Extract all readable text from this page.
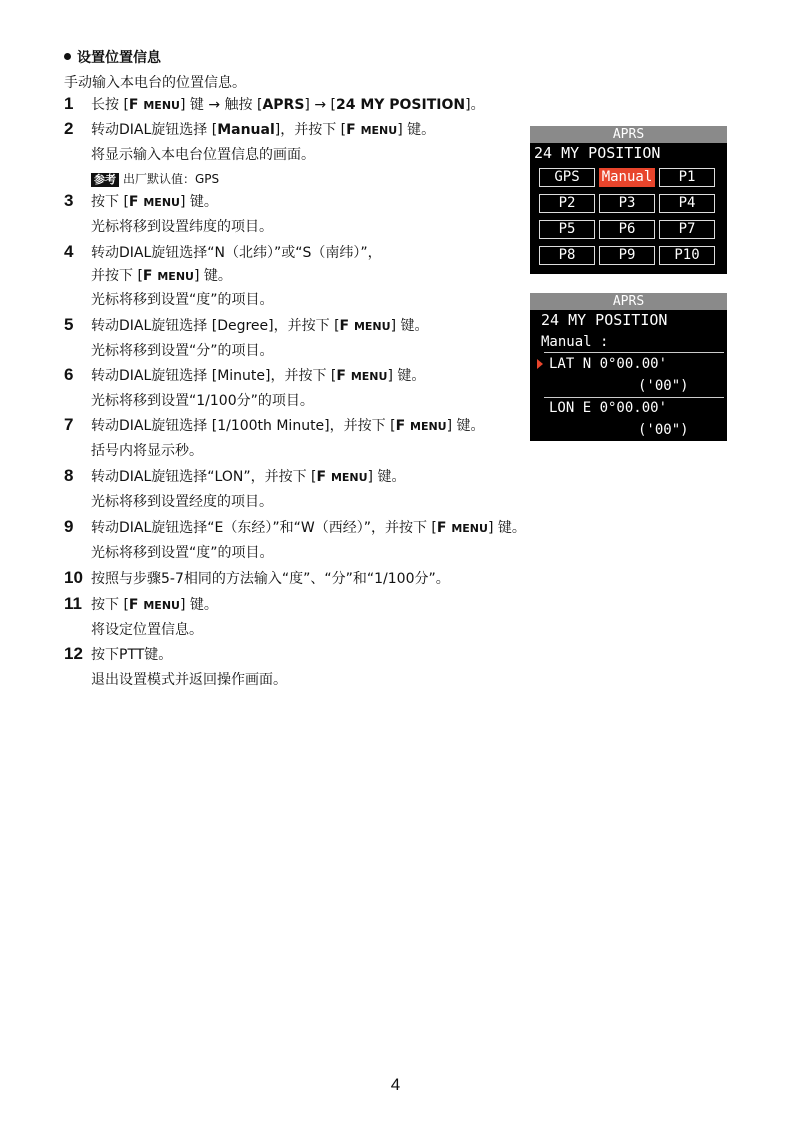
设置位置信息
手动输入本电台的位置信息。
1 长按 [F MENU] 键 → 触按 [APRS] → [24 MY POSITION]。
2 转动DIAL旋钮选择 [Manual]，并按下 [F MENU] 键。
将显示输入本电台位置信息的画面。
参考 出厂默认值：GPS
3 按下 [F MENU] 键。
光标将移到设置纬度的项目。
4 转动DIAL旋钮选择“N（北纬）”或“S（南纬）”，
并按下 [F MENU] 键。
光标将移到设置“度”的项目。
5 转动DIAL旋钮选择 [Degree]，并按下 [F MENU] 键。
光标将移到设置“分”的项目。
6 转动DIAL旋钮选择 [Minute]，并按下 [F MENU] 键。
光标将移到设置“1/100分”的项目。
7 转动DIAL旋钮选择 [1/100th Minute]，并按下 [F MENU] 键。
括号内将显示秒。
8 转动DIAL旋钮选择“LON”，并按下 [F MENU] 键。
光标将移到设置经度的项目。
9 转动DIAL旋钮选择“E（东经）”和“W（西经）”，并按下 [F MENU] 键。
光标将移到设置“度”的项目。
10 按照与步骤5-7相同的方法输入“度”、“分”和“1/100分”。
11 按下 [F MENU] 键。
将设定位置信息。
12 按下PTT键。
退出设置模式并返回操作画面。
APRS
24 MY POSITION
GPS	Manual	P1
P2	P3	P4
P5	P6	P7
P8	P9	P10
APRS
24 MY POSITION
Manual :
LAT N 0°00.00'
('00")
LON E 0°00.00'
('00")
4
